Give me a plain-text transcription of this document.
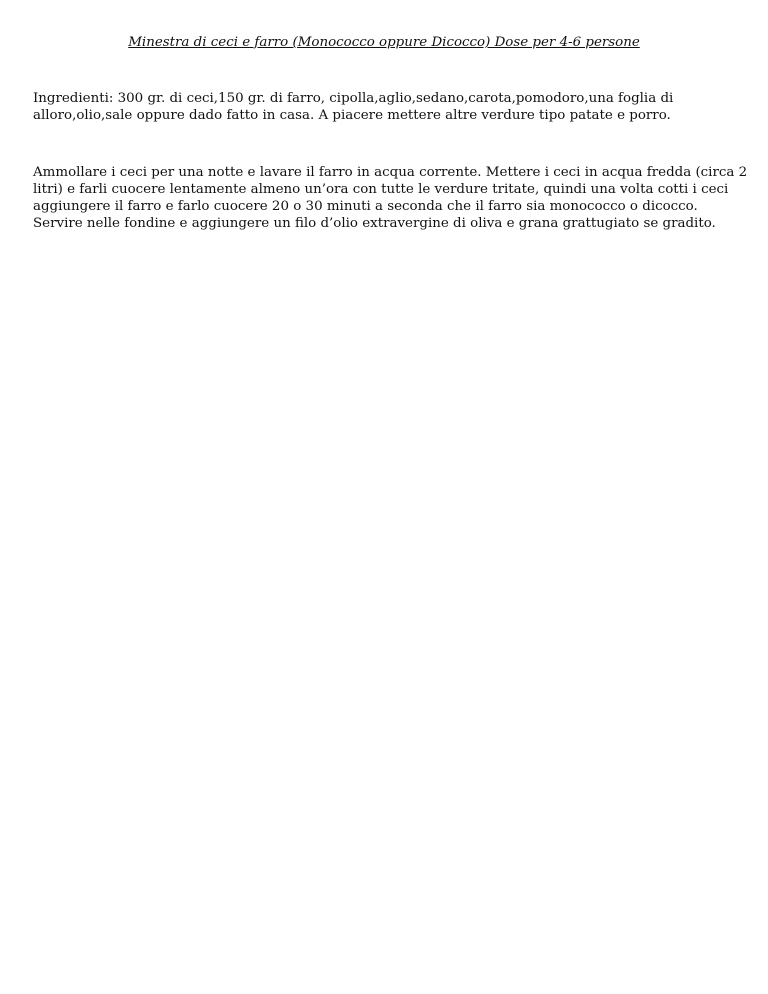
Minestra di ceci e farro (Monococco oppure Dicocco) Dose per 4-6 persone

Ingredienti: 300 gr. di ceci,150 gr. di farro, cipolla,aglio,sedano,carota,pomodoro,una foglia di
alloro,olio,sale oppure dado fatto in casa. A piacere mettere altre verdure tipo patate e porro.

Ammollare i ceci per una notte e lavare il farro in acqua corrente. Mettere i ceci in acqua fredda (circa 2
litri) e farli cuocere lentamente almeno un’ora con tutte le verdure tritate, quindi una volta cotti i ceci
aggiungere il farro e farlo cuocere 20 o 30 minuti a seconda che il farro sia monococco o dicocco.
Servire nelle fondine e aggiungere un filo d’olio extravergine di oliva e grana grattugiato se gradito.
